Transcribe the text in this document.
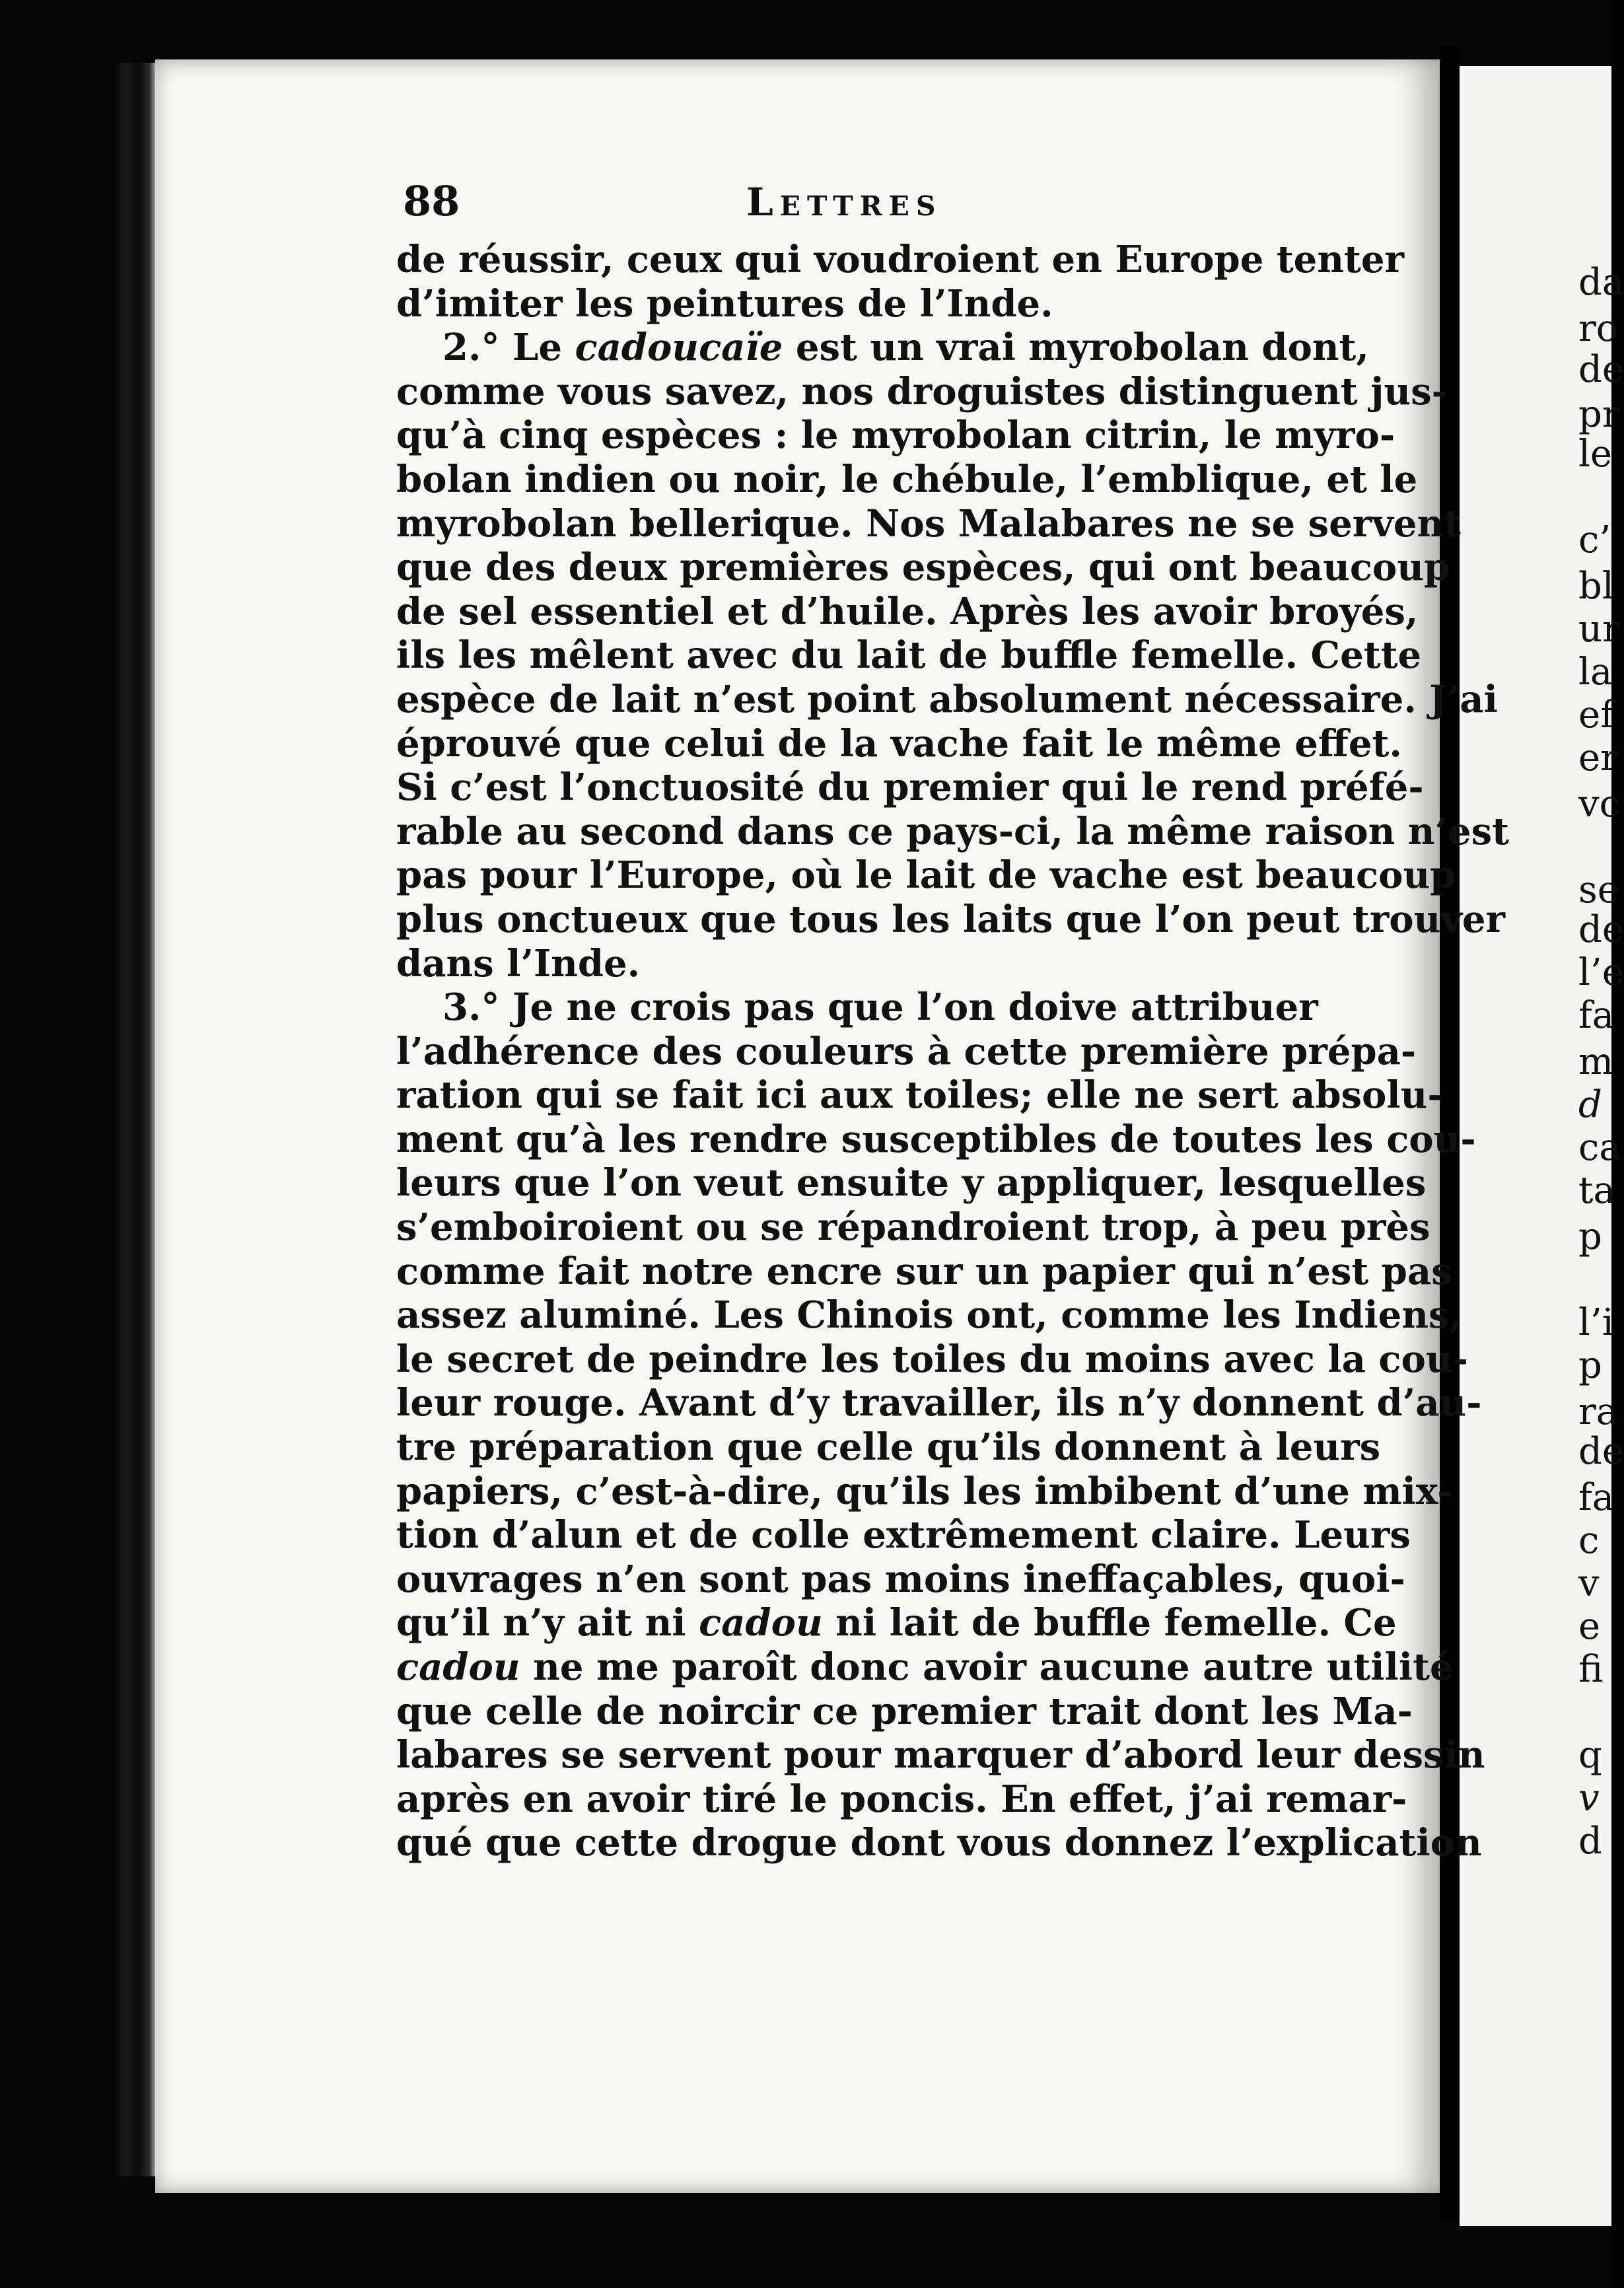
da
ro
de
pr
le
c’
bl
ur
la
ef
er
vc
se
de
l’e
fa
m
d
ca
ta
p
l’i
p
ra
de
fa
c
v
e
fi
q
v
d
88	Lettres
de réussir, ceux qui voudroient en Europe tenter
d’imiter les peintures de l’Inde.
2.° Le cadoucaïe est un vrai myrobolan dont,
comme vous savez, nos droguistes distinguent jus-
qu’à cinq espèces : le myrobolan citrin, le myro-
bolan indien ou noir, le chébule, l’emblique, et le
myrobolan bellerique. Nos Malabares ne se servent
que des deux premières espèces, qui ont beaucoup
de sel essentiel et d’huile. Après les avoir broyés,
ils les mêlent avec du lait de buffle femelle. Cette
espèce de lait n’est point absolument nécessaire. J’ai
éprouvé que celui de la vache fait le même effet.
Si c’est l’onctuosité du premier qui le rend préfé-
rable au second dans ce pays-ci, la même raison n’est
pas pour l’Europe, où le lait de vache est beaucoup
plus onctueux que tous les laits que l’on peut trouver
dans l’Inde.
3.° Je ne crois pas que l’on doive attribuer
l’adhérence des couleurs à cette première prépa-
ration qui se fait ici aux toiles; elle ne sert absolu-
ment qu’à les rendre susceptibles de toutes les cou-
leurs que l’on veut ensuite y appliquer, lesquelles
s’emboiroient ou se répandroient trop, à peu près
comme fait notre encre sur un papier qui n’est pas
assez aluminé. Les Chinois ont, comme les Indiens,
le secret de peindre les toiles du moins avec la cou-
leur rouge. Avant d’y travailler, ils n’y donnent d’au-
tre préparation que celle qu’ils donnent à leurs
papiers, c’est-à-dire, qu’ils les imbibent d’une mix-
tion d’alun et de colle extrêmement claire. Leurs
ouvrages n’en sont pas moins ineffaçables, quoi-
qu’il n’y ait ni cadou ni lait de buffle femelle. Ce
cadou ne me paroît donc avoir aucune autre utilité
que celle de noircir ce premier trait dont les Ma-
labares se servent pour marquer d’abord leur dessin
après en avoir tiré le poncis. En effet, j’ai remar-
qué que cette drogue dont vous donnez l’explication
